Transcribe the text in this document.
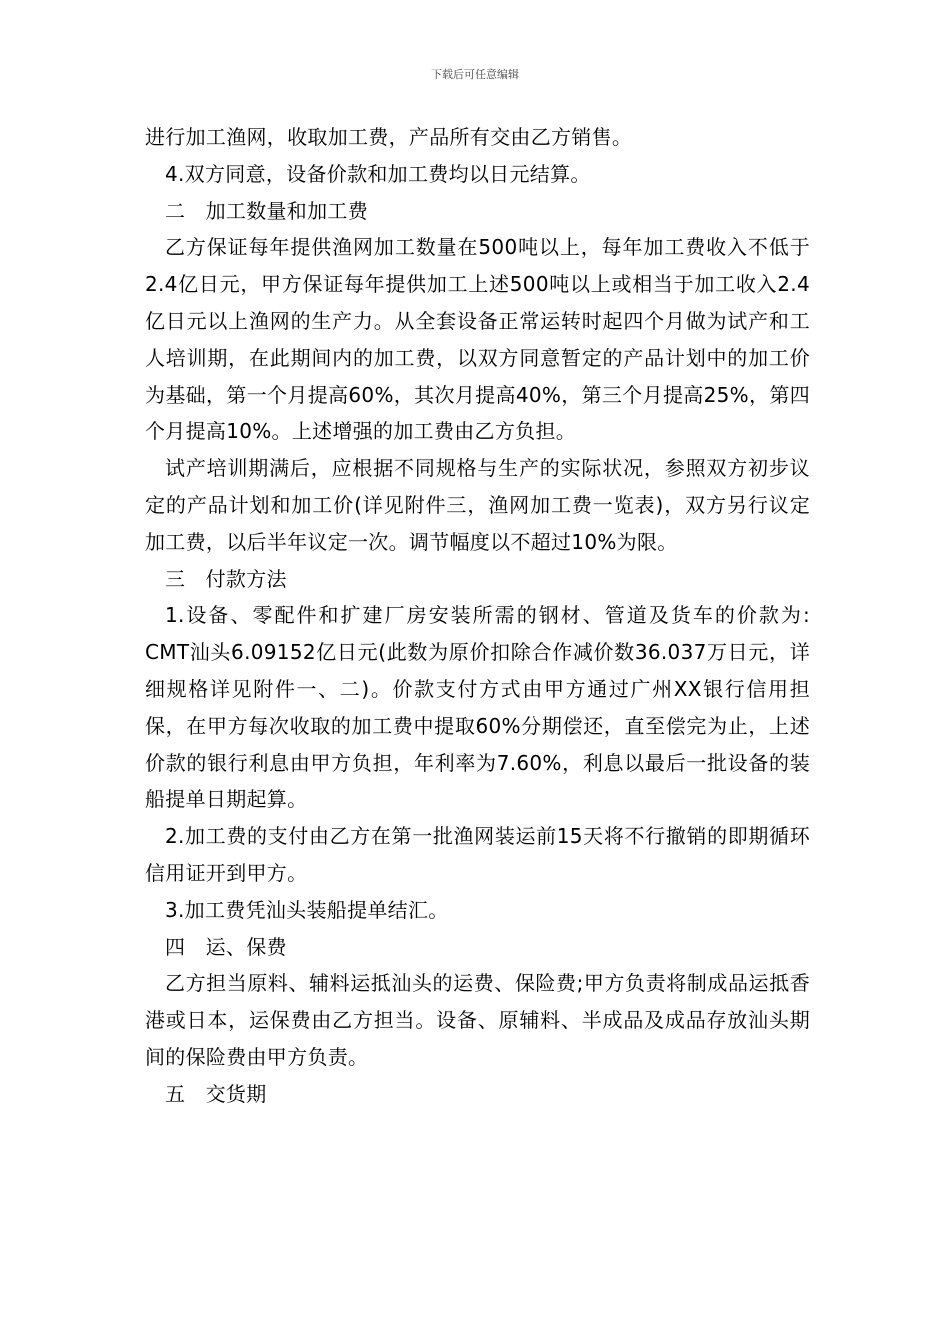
下载后可任意编辑

进行加工渔网，收取加工费，产品所有交由乙方销售。

4.双方同意，设备价款和加工费均以日元结算。

二　加工数量和加工费

乙方保证每年提供渔网加工数量在500吨以上，每年加工费收入不低于2.4亿日元，甲方保证每年提供加工上述500吨以上或相当于加工收入2.4亿日元以上渔网的生产力。从全套设备正常运转时起四个月做为试产和工人培训期，在此期间内的加工费，以双方同意暂定的产品计划中的加工价为基础，第一个月提高60%，其次月提高40%，第三个月提高25%，第四个月提高10%。上述增强的加工费由乙方负担。

试产培训期满后，应根据不同规格与生产的实际状况，参照双方初步议定的产品计划和加工价(详见附件三，渔网加工费一览表)，双方另行议定加工费，以后半年议定一次。调节幅度以不超过10%为限。

三　付款方法

1.设备、零配件和扩建厂房安装所需的钢材、管道及货车的价款为: CMT汕头6.09152亿日元(此数为原价扣除合作减价数36.037万日元，详细规格详见附件一、二)。价款支付方式由甲方通过广州XX银行信用担保，在甲方每次收取的加工费中提取60%分期偿还，直至偿完为止，上述价款的银行利息由甲方负担，年利率为7.60%，利息以最后一批设备的装船提单日期起算。

2.加工费的支付由乙方在第一批渔网装运前15天将不行撤销的即期循环信用证开到甲方。

3.加工费凭汕头装船提单结汇。

四　运、保费

乙方担当原料、辅料运抵汕头的运费、保险费;甲方负责将制成品运抵香港或日本，运保费由乙方担当。设备、原辅料、半成品及成品存放汕头期间的保险费由甲方负责。

五　交货期
